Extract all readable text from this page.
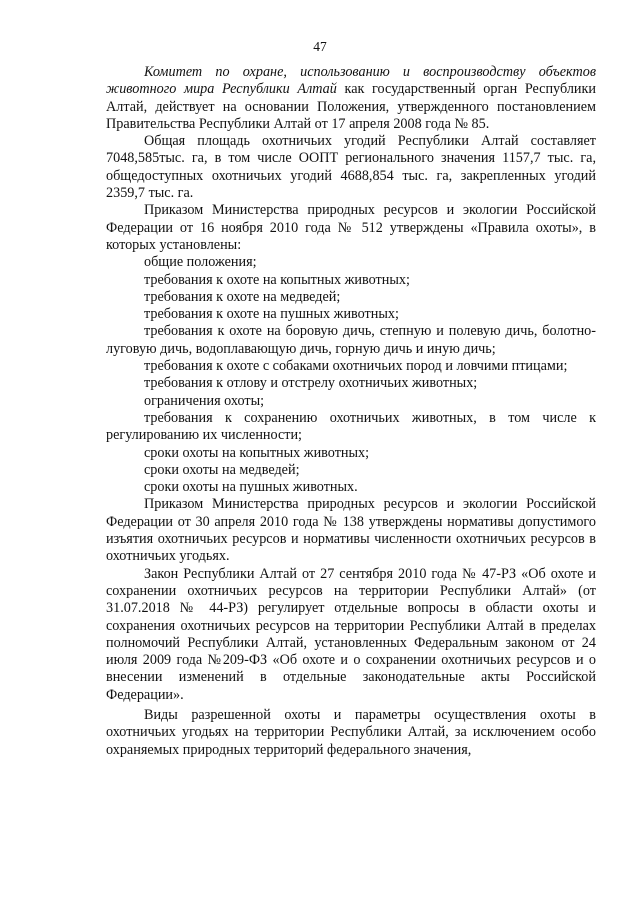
47

Комитет по охране, использованию и воспроизводству объектов животного мира Республики Алтай как государственный орган Республики Алтай, действует на основании Положения, утвержденного постановлением Правительства Республики Алтай от 17 апреля 2008 года № 85.

Общая площадь охотничьих угодий Республики Алтай составляет 7048,585тыс. га, в том числе ООПТ регионального значения 1157,7 тыс. га, общедоступных охотничьих угодий 4688,854 тыс. га, закрепленных угодий 2359,7 тыс. га.

Приказом Министерства природных ресурсов и экологии Российской Федерации от 16 ноября 2010 года № 512 утверждены «Правила охоты», в которых установлены:

общие положения;

требования к охоте на копытных животных;

требования к охоте на медведей;

требования к охоте на пушных животных;

требования к охоте на боровую дичь, степную и полевую дичь, болотно-луговую дичь, водоплавающую дичь, горную дичь и иную дичь;

требования к охоте с собаками охотничьих пород и ловчими птицами;

требования к отлову и отстрелу охотничьих животных;

ограничения охоты;

требования к сохранению охотничьих животных, в том числе к регулированию их численности;

сроки охоты на копытных животных;

сроки охоты на медведей;

сроки охоты на пушных животных.

Приказом Министерства природных ресурсов и экологии Российской Федерации от 30 апреля 2010 года № 138 утверждены нормативы допустимого изъятия охотничьих ресурсов и нормативы численности охотничьих ресурсов в охотничьих угодьях.

Закон Республики Алтай от 27 сентября 2010 года № 47-РЗ «Об охоте и сохранении охотничьих ресурсов на территории Республики Алтай» (от 31.07.2018 № 44-РЗ) регулирует отдельные вопросы в области охоты и сохранения охотничьих ресурсов на территории Республики Алтай в пределах полномочий Республики Алтай, установленных Федеральным законом от 24 июля 2009 года №209-ФЗ «Об охоте и о сохранении охотничьих ресурсов и о внесении изменений в отдельные законодательные акты Российской Федерации».

Виды разрешенной охоты и параметры осуществления охоты в охотничьих угодьях на территории Республики Алтай, за исключением особо охраняемых природных территорий федерального значения,
